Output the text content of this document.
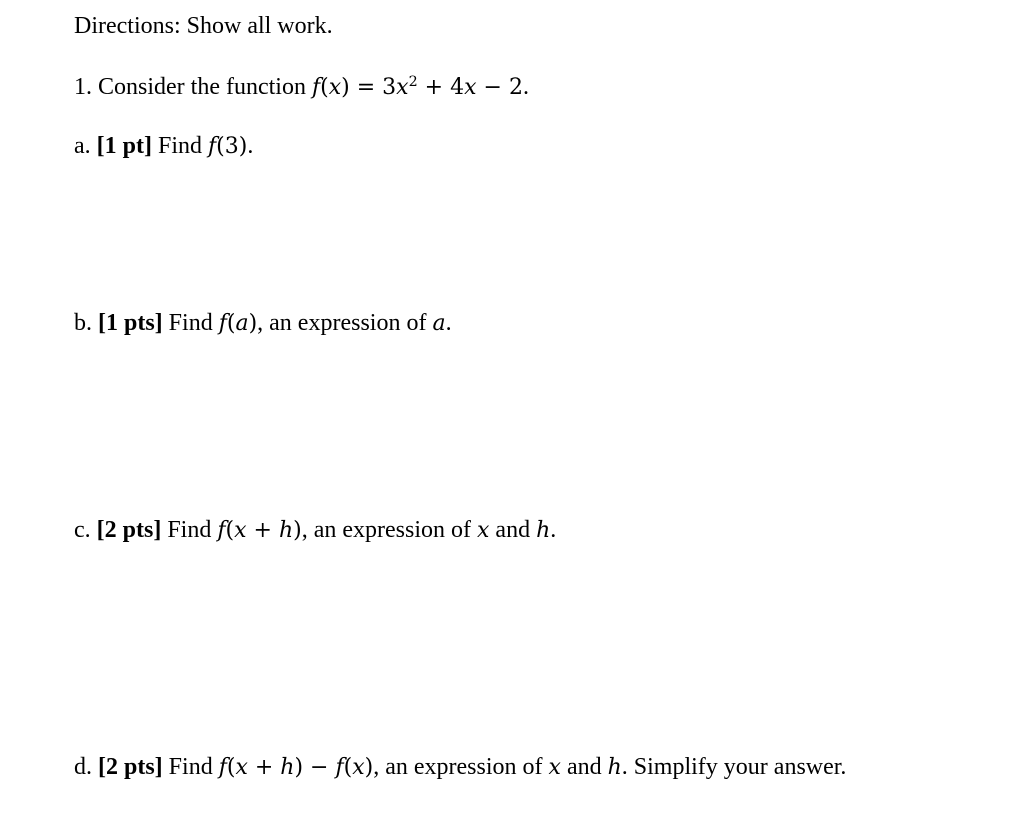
Directions: Show all work.
1. Consider the function $f(x) = 3x^2 + 4x - 2$.
a. [1 pt] Find f(3).
b. [1 pts] Find f(a), an expression of a.
c. [2 pts] Find f(x + h), an expression of x and h.
d. [2 pts] Find f(x + h) − f(x), an expression of x and h. Simplify your answer.
